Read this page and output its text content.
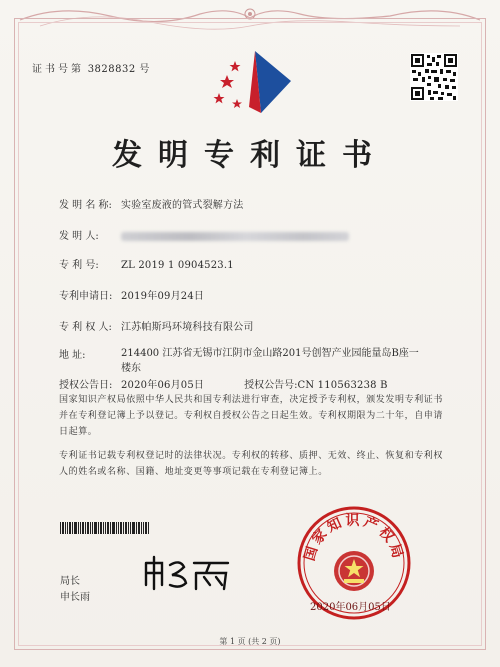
证书号第 3828832 号
发明专利证书
发 明 名 称: 实验室废液的管式裂解方法
发 明 人:
专 利 号: ZL 2019 1 0904523.1
专利申请日: 2019年09月24日
专 利 权 人: 江苏帕斯玛环境科技有限公司
地 址:	214400 江苏省无锡市江阴市金山路201号创智产业园能量岛B座一楼东
授权公告日: 2020年06月05日	授权公告号:CN 110563238 B
国家知识产权局依照中华人民共和国专利法进行审查，决定授予专利权，颁发发明专利证书并在专利登记簿上予以登记。专利权自授权公告之日起生效。专利权期限为二十年，自申请日起算。
专利证书记载专利权登记时的法律状况。专利权的转移、质押、无效、终止、恢复和专利权人的姓名或名称、国籍、地址变更等事项记载在专利登记簿上。
局长
申长雨
国家知识产权局
2020年06月05日
第 1 页 (共 2 页)
